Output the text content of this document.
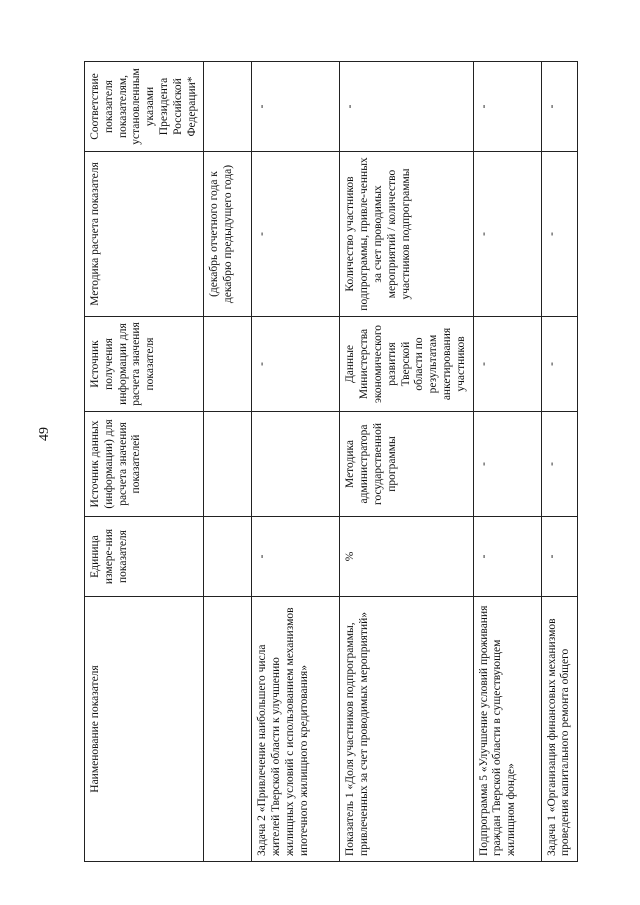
49
Наименование показателя	Единица измере-ния показателя	Источник данных (информации) для расчета значения показателей	Источник получения информации для расчета значения показателя	Методика расчета показателя	Соответствие показателя показателям, установленным указами Президента Российской Федерации*
				(декабрь отчетного года к декабрю предыдущего года)	
Задача 2 «Привлечение наибольшего числа жителей Тверской области к улучшению жилищных условий с использованием механизмов ипотечного жилищного кредитования»	-		-	-	-
Показатель 1 «Доля участников подпрограммы, привлеченных за счет проводимых мероприятий»	%	Методика администратора государственной программы	Данные Министерства экономического развития Тверской области по результатам анкетирования участников	Количество участников подпрограммы, привле-ченных за счет проводимых мероприятий / количество участников подпрограммы	-
Подпрограмма 5 «Улучшение условий проживания граждан Тверской области в существующем жилищном фонде»	-	-	-	-	-
Задача 1 «Организация финансовых механизмов проведения капитального ремонта общего	-	-	-	-	-
